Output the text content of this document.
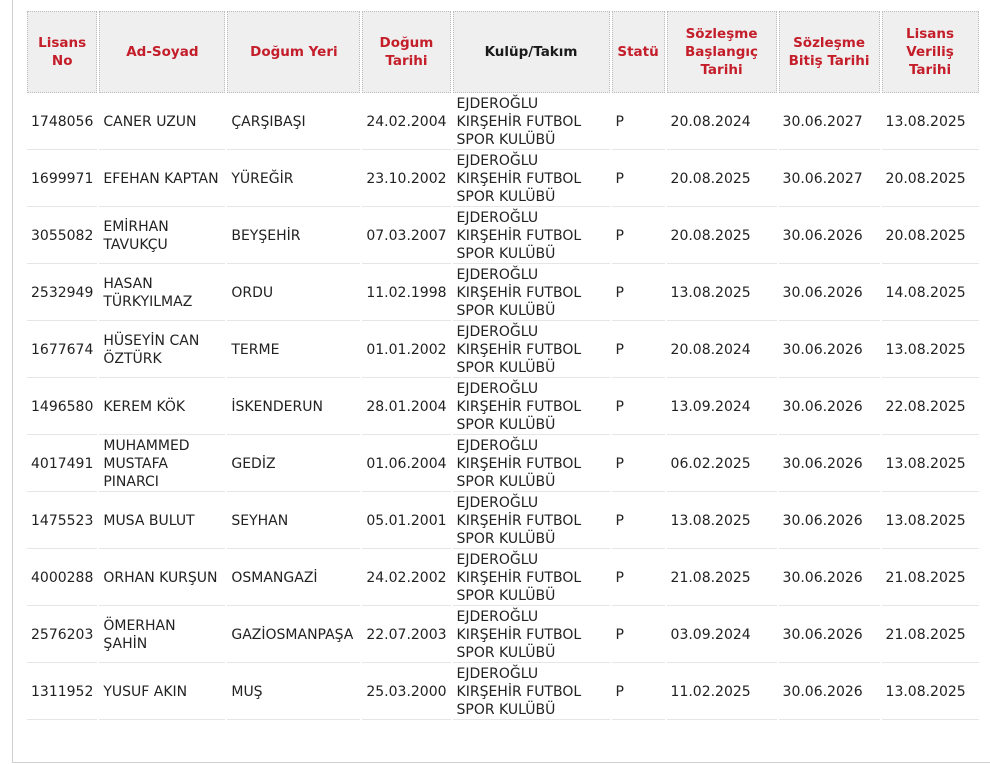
Lisans No	Ad-Soyad	Doğum Yeri	Doğum Tarihi	Kulüp/Takım	Statü	Sözleşme Başlangıç Tarihi	Sözleşme Bitiş Tarihi	Lisans Veriliş Tarihi
1748056	CANER UZUN	ÇARŞIBAŞI	24.02.2004	EJDEROĞLU KIRŞEHİR FUTBOL SPOR KULÜBÜ	P	20.08.2024	30.06.2027	13.08.2025
1699971	EFEHAN KAPTAN	YÜREĞİR	23.10.2002	EJDEROĞLU KIRŞEHİR FUTBOL SPOR KULÜBÜ	P	20.08.2025	30.06.2027	20.08.2025
3055082	EMİRHAN TAVUKÇU	BEYŞEHİR	07.03.2007	EJDEROĞLU KIRŞEHİR FUTBOL SPOR KULÜBÜ	P	20.08.2025	30.06.2026	20.08.2025
2532949	HASAN TÜRKYILMAZ	ORDU	11.02.1998	EJDEROĞLU KIRŞEHİR FUTBOL SPOR KULÜBÜ	P	13.08.2025	30.06.2026	14.08.2025
1677674	HÜSEYİN CAN ÖZTÜRK	TERME	01.01.2002	EJDEROĞLU KIRŞEHİR FUTBOL SPOR KULÜBÜ	P	20.08.2024	30.06.2026	13.08.2025
1496580	KEREM KÖK	İSKENDERUN	28.01.2004	EJDEROĞLU KIRŞEHİR FUTBOL SPOR KULÜBÜ	P	13.09.2024	30.06.2026	22.08.2025
4017491	MUHAMMED MUSTAFA PINARCI	GEDİZ	01.06.2004	EJDEROĞLU KIRŞEHİR FUTBOL SPOR KULÜBÜ	P	06.02.2025	30.06.2026	13.08.2025
1475523	MUSA BULUT	SEYHAN	05.01.2001	EJDEROĞLU KIRŞEHİR FUTBOL SPOR KULÜBÜ	P	13.08.2025	30.06.2026	13.08.2025
4000288	ORHAN KURŞUN	OSMANGAZİ	24.02.2002	EJDEROĞLU KIRŞEHİR FUTBOL SPOR KULÜBÜ	P	21.08.2025	30.06.2026	21.08.2025
2576203	ÖMERHAN ŞAHİN	GAZİOSMANPAŞA	22.07.2003	EJDEROĞLU KIRŞEHİR FUTBOL SPOR KULÜBÜ	P	03.09.2024	30.06.2026	21.08.2025
1311952	YUSUF AKIN	MUŞ	25.03.2000	EJDEROĞLU KIRŞEHİR FUTBOL SPOR KULÜBÜ	P	11.02.2025	30.06.2026	13.08.2025
